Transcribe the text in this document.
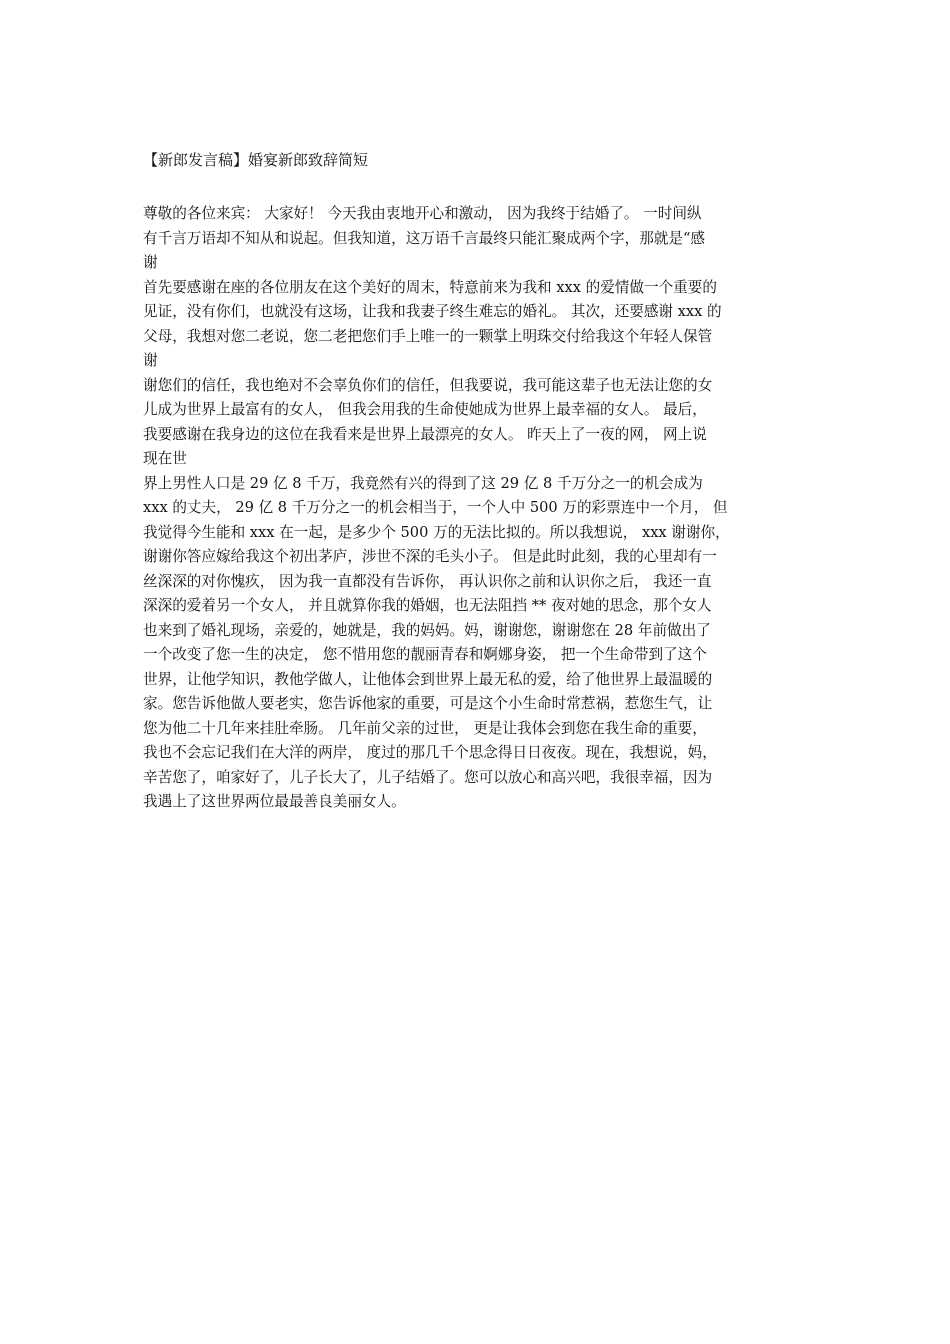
【新郎发言稿】婚宴新郎致辞简短
尊敬的各位来宾： 大家好！ 今天我由衷地开心和激动， 因为我终于结婚了。 一时间纵
有千言万语却不知从和说起。但我知道，这万语千言最终只能汇聚成两个字，那就是“感
谢
首先要感谢在座的各位朋友在这个美好的周末，特意前来为我和 xxx 的爱情做一个重要的
见证，没有你们，也就没有这场，让我和我妻子终生难忘的婚礼。 其次，还要感谢 xxx 的
父母，我想对您二老说，您二老把您们手上唯一的一颗掌上明珠交付给我这个年轻人保管
谢
谢您们的信任，我也绝对不会辜负你们的信任，但我要说，我可能这辈子也无法让您的女
儿成为世界上最富有的女人， 但我会用我的生命使她成为世界上最幸福的女人。 最后，
我要感谢在我身边的这位在我看来是世界上最漂亮的女人。 昨天上了一夜的网， 网上说
现在世
界上男性人口是 29 亿 8 千万，我竟然有兴的得到了这 29 亿 8 千万分之一的机会成为
xxx 的丈夫， 29 亿 8 千万分之一的机会相当于，一个人中 500 万的彩票连中一个月， 但
我觉得今生能和 xxx 在一起，是多少个 500 万的无法比拟的。所以我想说， xxx 谢谢你，
谢谢你答应嫁给我这个初出茅庐，涉世不深的毛头小子。 但是此时此刻，我的心里却有一
丝深深的对你愧疚， 因为我一直都没有告诉你， 再认识你之前和认识你之后， 我还一直
深深的爱着另一个女人， 并且就算你我的婚姻，也无法阻挡 ** 夜对她的思念，那个女人
也来到了婚礼现场，亲爱的，她就是，我的妈妈。妈，谢谢您，谢谢您在 28 年前做出了
一个改变了您一生的决定， 您不惜用您的靓丽青春和婀娜身姿， 把一个生命带到了这个
世界，让他学知识，教他学做人，让他体会到世界上最无私的爱，给了他世界上最温暖的
家。您告诉他做人要老实，您告诉他家的重要，可是这个小生命时常惹祸，惹您生气，让
您为他二十几年来挂肚牵肠。 几年前父亲的过世， 更是让我体会到您在我生命的重要，
我也不会忘记我们在大洋的两岸， 度过的那几千个思念得日日夜夜。现在，我想说，妈，
辛苦您了，咱家好了，儿子长大了，儿子结婚了。您可以放心和高兴吧，我很幸福，因为
我遇上了这世界两位最最善良美丽女人。
